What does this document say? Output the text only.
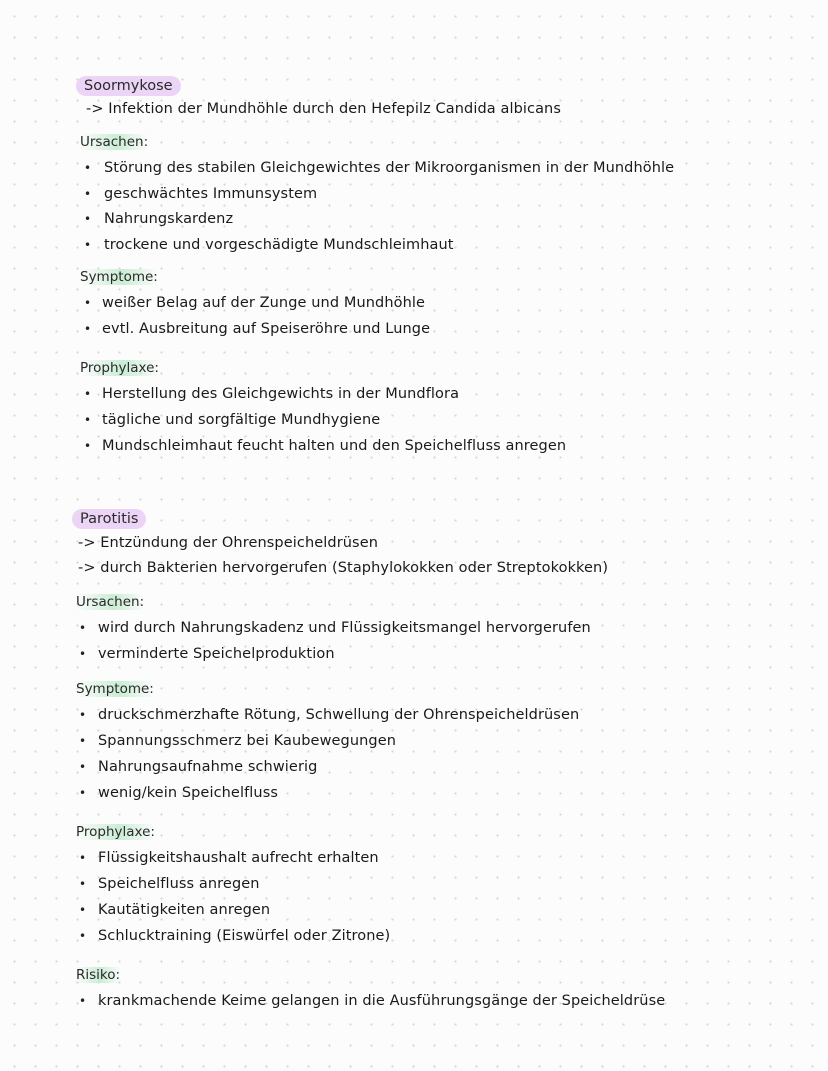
Soormykose
-> Infektion der Mundhöhle durch den Hefepilz Candida albicans
Ursachen:
• Störung des stabilen Gleichgewichtes der Mikroorganismen in der Mundhöhle
• geschwächtes Immunsystem
• Nahrungskardenz
• trockene und vorgeschädigte Mundschleimhaut
Symptome:
• weißer Belag auf der Zunge und Mundhöhle
• evtl. Ausbreitung auf Speiseröhre und Lunge
Prophylaxe:
• Herstellung des Gleichgewichts in der Mundflora
• tägliche und sorgfältige Mundhygiene
• Mundschleimhaut feucht halten und den Speichelfluss anregen
Parotitis
-> Entzündung der Ohrenspeicheldrüsen
-> durch Bakterien hervorgerufen (Staphylokokken oder Streptokokken)
Ursachen:
• wird durch Nahrungskadenz und Flüssigkeitsmangel hervorgerufen
• verminderte Speichelproduktion
Symptome:
• druckschmerzhafte Rötung, Schwellung der Ohrenspeicheldrüsen
• Spannungsschmerz bei Kaubewegungen
• Nahrungsaufnahme schwierig
• wenig/kein Speichelfluss
Prophylaxe:
• Flüssigkeitshaushalt aufrecht erhalten
• Speichelfluss anregen
• Kautätigkeiten anregen
• Schlucktraining (Eiswürfel oder Zitrone)
Risiko:
• krankmachende Keime gelangen in die Ausführungsgänge der Speicheldrüse
